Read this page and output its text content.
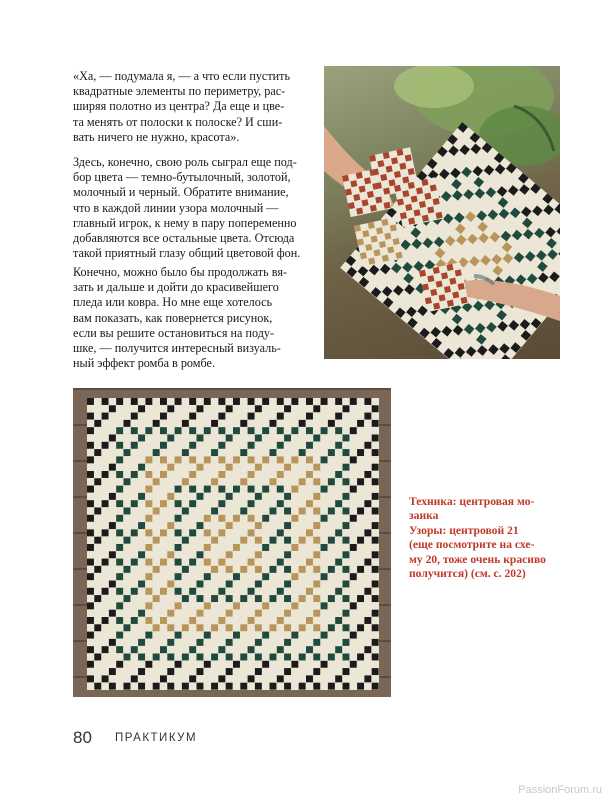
«Ха, — подумала я, — а что если пустить
квадратные элементы по периметру, рас-
ширяя полотно из центра? Да еще и цве-
та менять от полоски к полоске? И сши-
вать ничего не нужно, красота».

Здесь, конечно, свою роль сыграл еще под-
бор цвета — темно-бутылочный, золотой,
молочный и черный. Обратите внимание,
что в каждой линии узора молочный —
главный игрок, к нему в пару попеременно
добавляются все остальные цвета. Отсюда
такой приятный глазу общий цветовой фон.

Конечно, можно было бы продолжать вя-
зать и дальше и дойти до красивейшего
пледа или ковра. Но мне еще хотелось
вам показать, как повернется рисунок,
если вы решите остановиться на поду-
шке, — получится интересный визуаль-
ный эффект ромба в ромбе.

Техника: центровая мо-
заика
Узоры: центровой 21
(еще посмотрите на схе-
му 20, тоже очень красиво
получится) (см. с. 202)
80 ПРАКТИКУМ
PassionForum.ru
